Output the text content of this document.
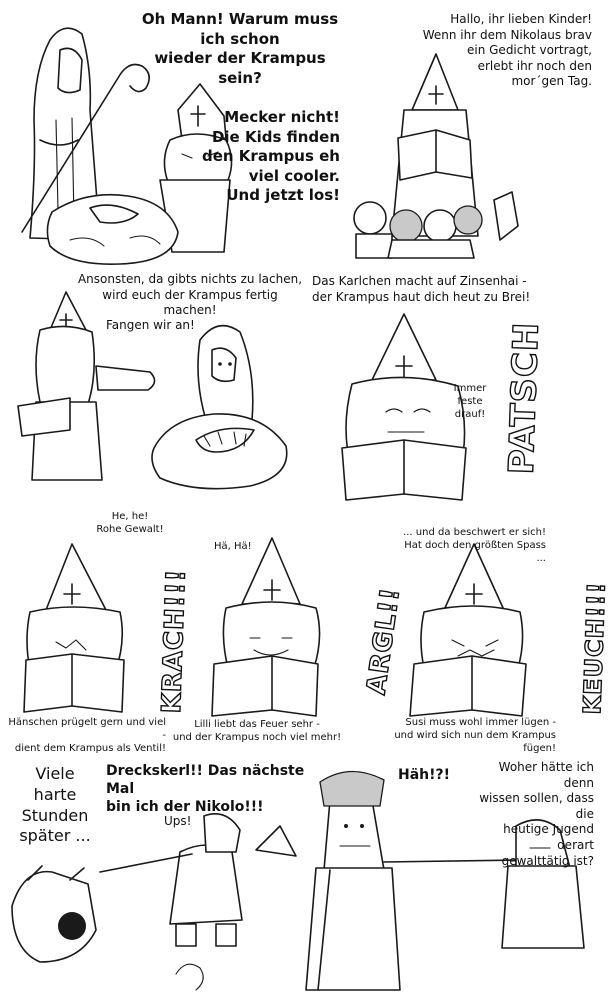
Oh Mann! Warum muss ich schon
wieder der Krampus sein?
Mecker nicht!
Die Kids finden
den Krampus eh
viel cooler.
Und jetzt los!
Hallo, ihr lieben Kinder!
Wenn ihr dem Nikolaus brav
ein Gedicht vortragt,
erlebt ihr noch den
mor´gen Tag.
Ansonsten, da gibts nichts zu lachen,
wird euch der Krampus fertig machen!
Fangen wir an!
Das Karlchen macht auf Zinsenhai -
der Krampus haut dich heut zu Brei!
Immer
feste
drauf! PATSCH
He, he!
Rohe Gewalt!
KRACH!!!
Hänschen prügelt gern und viel -
dient dem Krampus als Ventil!
Hä, Hä!
Lilli liebt das Feuer sehr -
und der Krampus noch viel mehr!
ARGL!!
... und da beschwert er sich!
Hat doch den größten Spass ...
KEUCH!!!
Susi muss wohl immer lügen -
und wird sich nun dem Krampus fügen!
Viele
harte
Stunden
später ...
Dreckskerl!! Das nächste Mal
bin ich der Nikolo!!!
Ups!
Häh!?!	Woher hätte ich denn
wissen sollen, dass die
heutige Jugend derart
gewalttätig ist?
